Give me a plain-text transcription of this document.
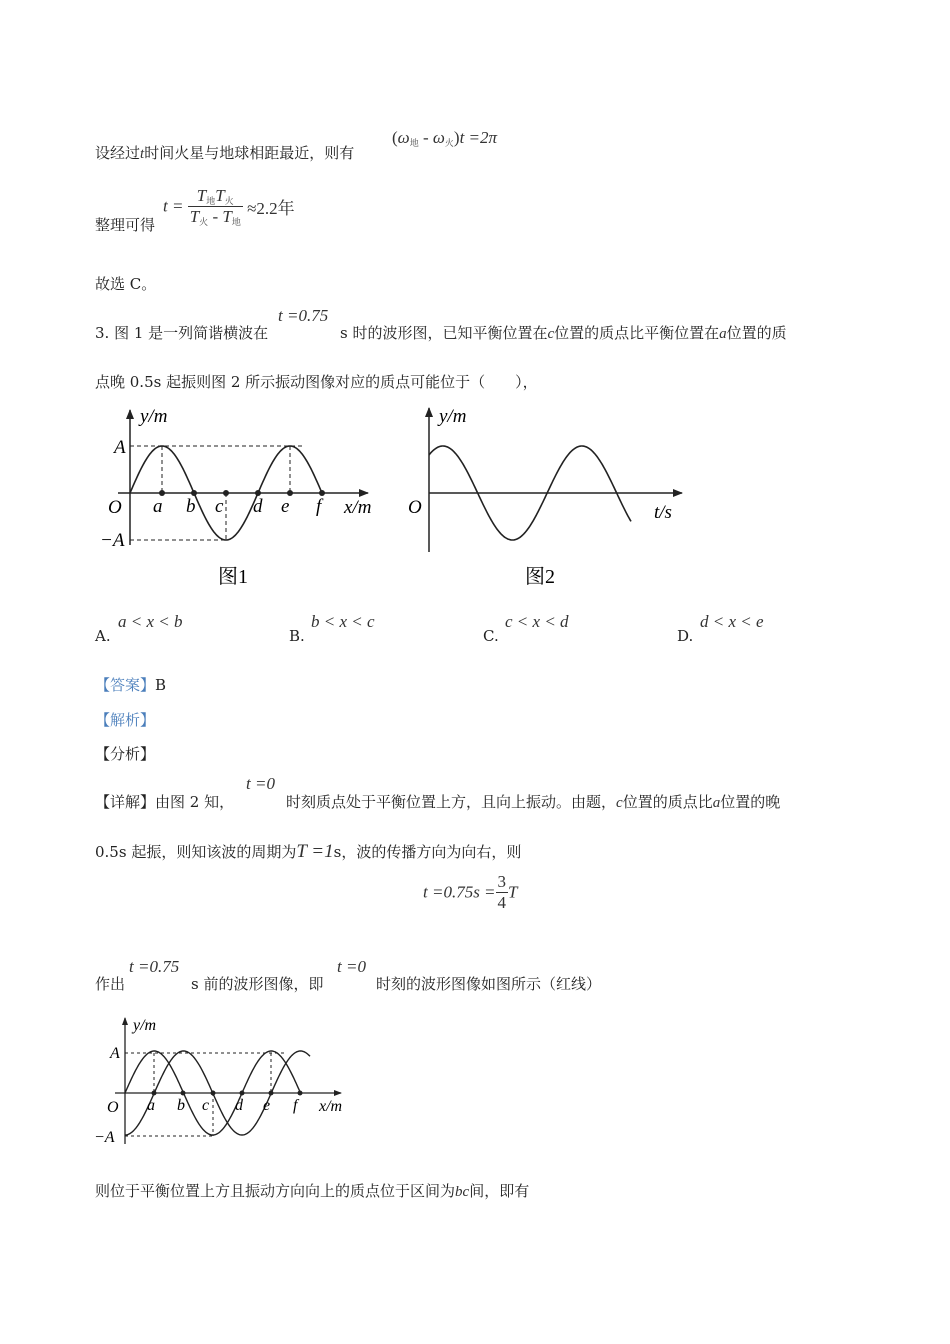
设经过t时间火星与地球相距最近，则有
(ω地 - ω火)t =2π
整理可得
$t = \frac{\text{T地T火}}{\text{T火 - T地}} \approx 2.2$年
故选 C。
3. 图 1 是一列简谐横波在
t =0.75
s 时的波形图，已知平衡位置在c位置的质点比平衡位置在a位置的质
点晚 0.5s 起振则图 2 所示振动图像对应的质点可能位于（　　），
y/m
A
−A
O	x/m
a b c d e f
图1
y/m
O	t/s
图2
A.
a < x < b
B.
b < x < c
C.
c < x < d
D.
d < x < e
【答案】B
【解析】
【分析】
【详解】由图 2 知，
t =0
时刻质点处于平衡位置上方，且向上振动。由题，c位置的质点比a位置的晚
0.5s 起振，则知该波的周期为T =1s，波的传播方向为向右，则
$t =0.75s = \frac{3}{4}$ T
作出
t =0.75
s 前的波形图像，即
t =0
时刻的波形图像如图所示（红线）
y/m
A
−A
O	x/m
a b c d e f
则位于平衡位置上方且振动方向向上的质点位于区间为bc间，即有
